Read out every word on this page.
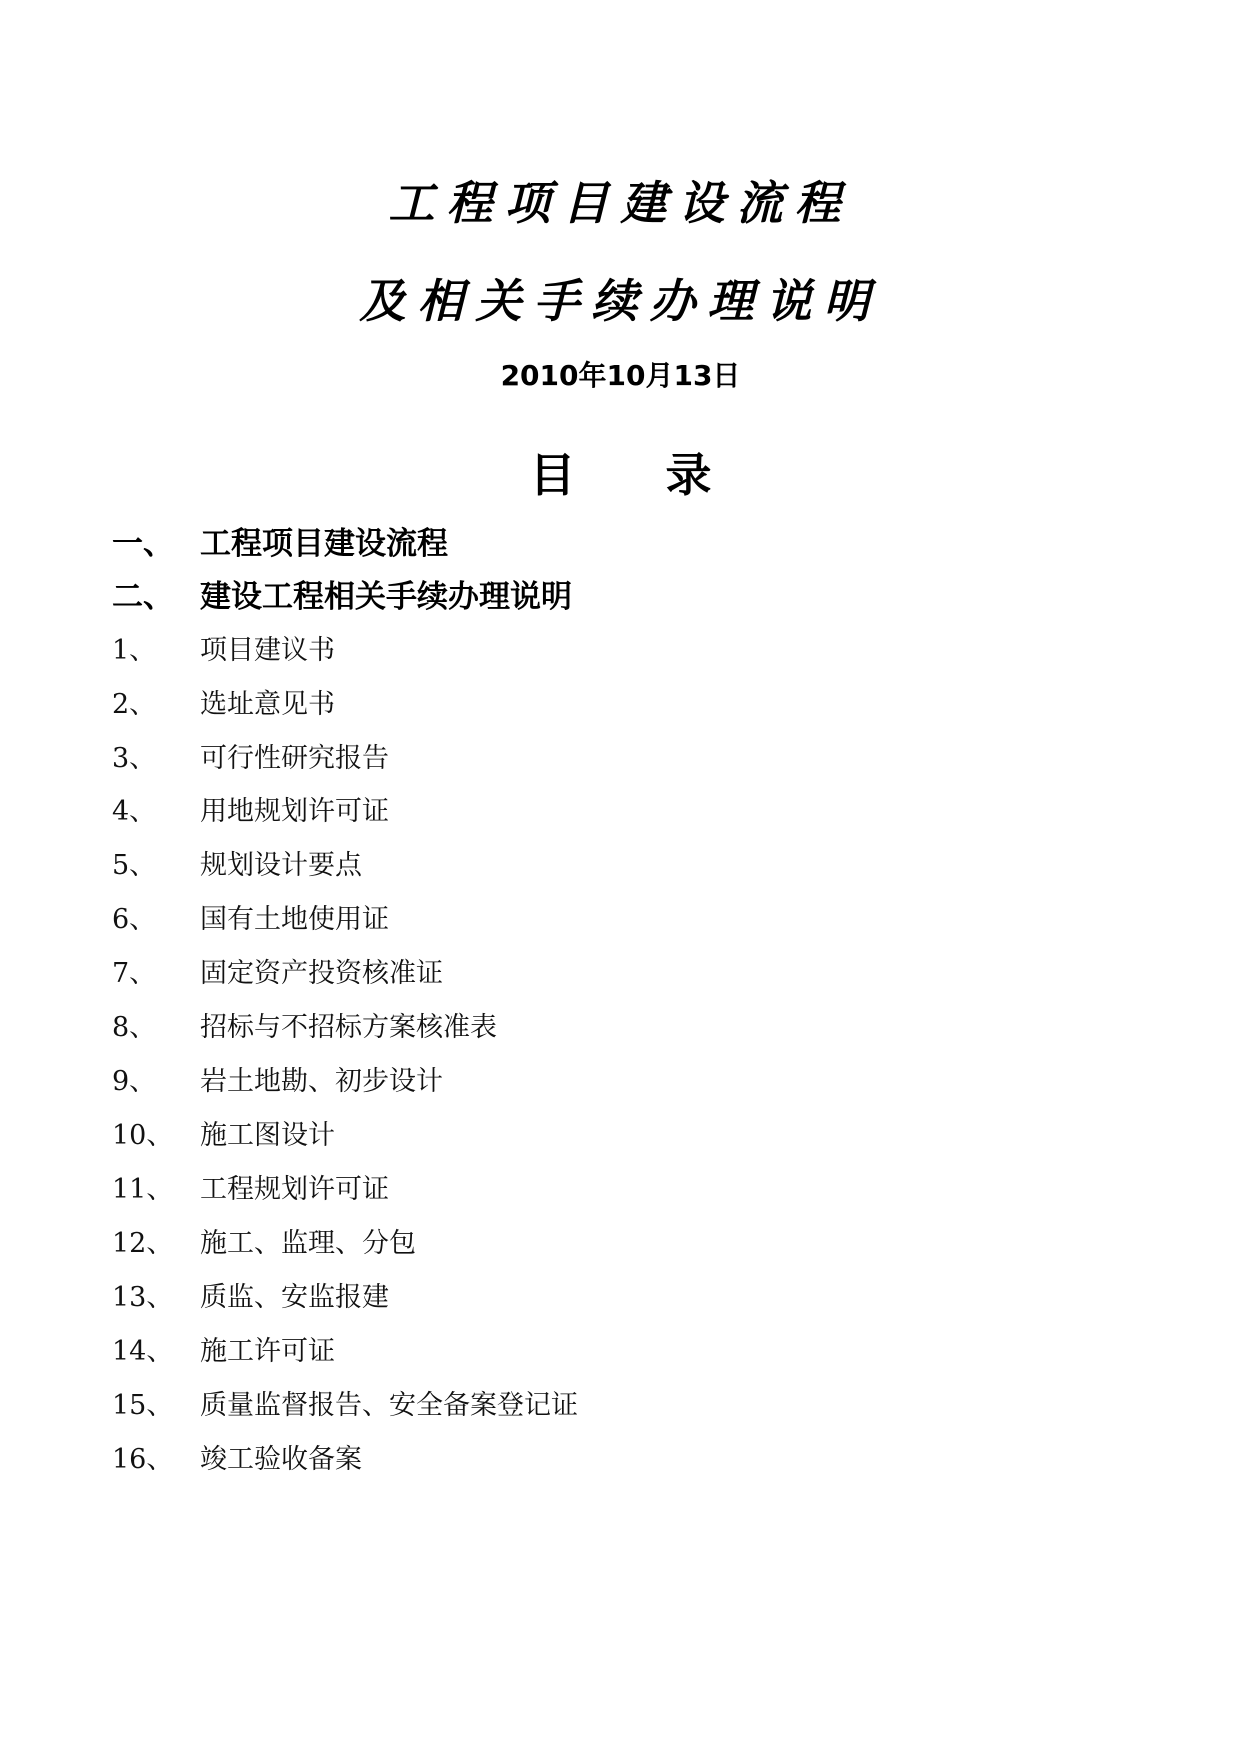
工程项目建设流程
及相关手续办理说明
2010年10月13日
目 录
一、 工程项目建设流程
二、 建设工程相关手续办理说明
1、 项目建议书
2、 选址意见书
3、 可行性研究报告
4、 用地规划许可证
5、 规划设计要点
6、 国有土地使用证
7、 固定资产投资核准证
8、 招标与不招标方案核准表
9、 岩土地勘、初步设计
10、 施工图设计
11、 工程规划许可证
12、 施工、监理、分包
13、 质监、安监报建
14、 施工许可证
15、 质量监督报告、安全备案登记证
16、 竣工验收备案
